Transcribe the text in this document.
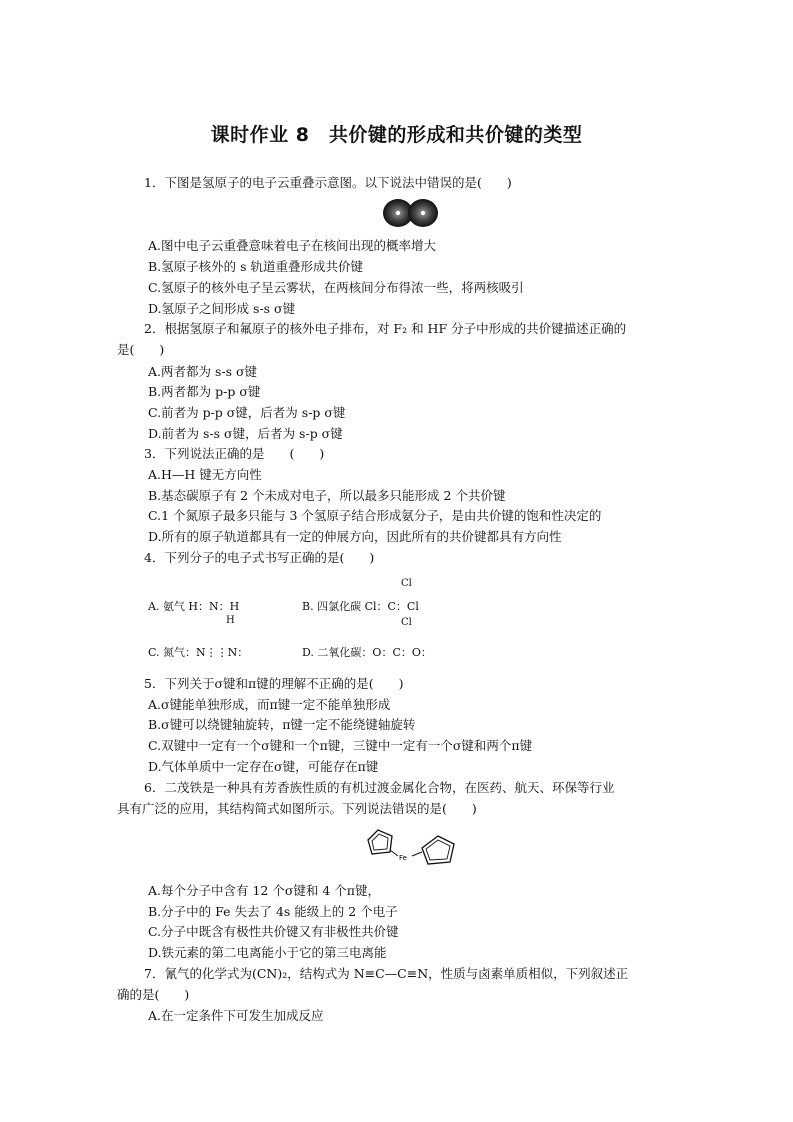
课时作业 8　共价键的形成和共价键的类型
1．下图是氢原子的电子云重叠示意图。以下说法中错误的是(　　)
A.图中电子云重叠意味着电子在核间出现的概率增大
B.氢原子核外的 s 轨道重叠形成共价键
C.氢原子的核外电子呈云雾状，在两核间分布得浓一些，将两核吸引
D.氢原子之间形成 s-s σ键
2．根据氢原子和氟原子的核外电子排布，对 F₂ 和 HF 分子中形成的共价键描述正确的
是(　　)
A.两者都为 s-s σ键
B.两者都为 p-p σ键
C.前者为 p-p σ键，后者为 s-p σ键
D.前者为 s-s σ键，后者为 s-p σ键
3．下列说法正确的是　　(　　)
A.H—H 键无方向性
B.基态碳原子有 2 个未成对电子，所以最多只能形成 2 个共价键
C.1 个氮原子最多只能与 3 个氢原子结合形成氨分子，是由共价键的饱和性决定的
D.所有的原子轨道都具有一定的伸展方向，因此所有的共价键都具有方向性
4．下列分子的电子式书写正确的是(　　)
Cl
A. 氨气 H：N：H
H
B. 四氯化碳 Cl：C：Cl
Cl
C. 氮气：N⋮⋮N：	D. 二氧化碳：O：C：O：
5．下列关于σ键和π键的理解不正确的是(　　)
A.σ键能单独形成，而π键一定不能单独形成
B.σ键可以绕键轴旋转，π键一定不能绕键轴旋转
C.双键中一定有一个σ键和一个π键，三键中一定有一个σ键和两个π键
D.气体单质中一定存在σ键，可能存在π键
6．二茂铁是一种具有芳香族性质的有机过渡金属化合物，在医药、航天、环保等行业
具有广泛的应用，其结构简式如图所示。下列说法错误的是(　　)
Fe
A.每个分子中含有 12 个σ键和 4 个π键，
B.分子中的 Fe 失去了 4s 能级上的 2 个电子
C.分子中既含有极性共价键又有非极性共价键
D.铁元素的第二电离能小于它的第三电离能
7．氰气的化学式为(CN)₂，结构式为 N≡C—C≡N，性质与卤素单质相似，下列叙述正
确的是(　　)
A.在一定条件下可发生加成反应
